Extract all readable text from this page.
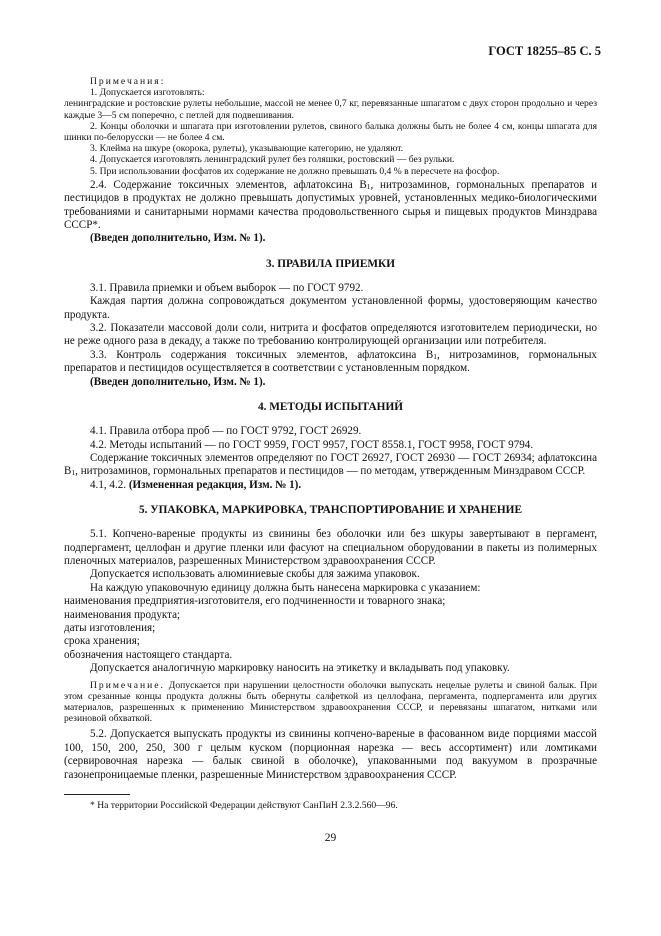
ГОСТ 18255–85 С. 5

Примечания:

1. Допускается изготовлять:

ленинградские и ростовские рулеты небольшие, массой не менее 0,7 кг, перевязанные шпагатом с двух сторон продольно и через каждые 3—5 см поперечно, с петлей для подвешивания.

2. Концы оболочки и шпагата при изготовлении рулетов, свиного балыка должны быть не более 4 см, концы шпагата для шинки по-белорусски — не более 4 см.

3. Клейма на шкуре (окорока, рулеты), указывающие категорию, не удаляют.

4. Допускается изготовлять ленинградский рулет без голяшки, ростовский — без рульки.

5. При использовании фосфатов их содержание не должно превышать 0,4 % в пересчете на фосфор.

2.4. Содержание токсичных элементов, афлатоксина $B_1$, нитрозаминов, гормональных препаратов и пестицидов в продуктах не должно превышать допустимых уровней, установленных медико-биологическими требованиями и санитарными нормами качества продовольственного сырья и пищевых продуктов Минздрава СССР*.

(Введен дополнительно, Изм. № 1).

3. ПРАВИЛА ПРИЕМКИ

3.1. Правила приемки и объем выборок — по ГОСТ 9792.

Каждая партия должна сопровождаться документом установленной формы, удостоверяющим качество продукта.

3.2. Показатели массовой доли соли, нитрита и фосфатов определяются изготовителем периодически, но не реже одного раза в декаду, а также по требованию контролирующей организации или потребителя.

3.3. Контроль содержания токсичных элементов, афлатоксина $B_1$, нитрозаминов, гормональных препаратов и пестицидов осуществляется в соответствии с установленным порядком.

(Введен дополнительно, Изм. № 1).

4. МЕТОДЫ ИСПЫТАНИЙ

4.1. Правила отбора проб — по ГОСТ 9792, ГОСТ 26929.

4.2. Методы испытаний — по ГОСТ 9959, ГОСТ 9957, ГОСТ 8558.1, ГОСТ 9958, ГОСТ 9794.

Содержание токсичных элементов определяют по ГОСТ 26927, ГОСТ 26930 — ГОСТ 26934; афлатоксина $B_1$, нитрозаминов, гормональных препаратов и пестицидов — по методам, утвержденным Минздравом СССР.

4.1, 4.2. (Измененная редакция, Изм. № 1).

5. УПАКОВКА, МАРКИРОВКА, ТРАНСПОРТИРОВАНИЕ И ХРАНЕНИЕ

5.1. Копчено-вареные продукты из свинины без оболочки или без шкуры завертывают в пергамент, подпергамент, целлофан и другие пленки или фасуют на специальном оборудовании в пакеты из полимерных пленочных материалов, разрешенных Министерством здравоохранения СССР.

Допускается использовать алюминиевые скобы для зажима упаковок.

На каждую упаковочную единицу должна быть нанесена маркировка с указанием:

наименования предприятия-изготовителя, его подчиненности и товарного знака;

наименования продукта;

даты изготовления;

срока хранения;

обозначения настоящего стандарта.

Допускается аналогичную маркировку наносить на этикетку и вкладывать под упаковку.

Примечание. Допускается при нарушении целостности оболочки выпускать нецелые рулеты и свиной балык. При этом срезанные концы продукта должны быть обернуты салфеткой из целлофана, пергамента, подпергамента или других материалов, разрешенных к применению Министерством здравоохранения СССР, и перевязаны шпагатом, нитками или резиновой обхваткой.

5.2. Допускается выпускать продукты из свинины копчено-вареные в фасованном виде порциями массой 100, 150, 200, 250, 300 г целым куском (порционная нарезка — весь ассортимент) или ломтиками (сервировочная нарезка — балык свиной в оболочке), упакованными под вакуумом в прозрачные газонепроницаемые пленки, разрешенные Министерством здравоохранения СССР.

* На территории Российской Федерации действуют СанПиН 2.3.2.560—96.

29
